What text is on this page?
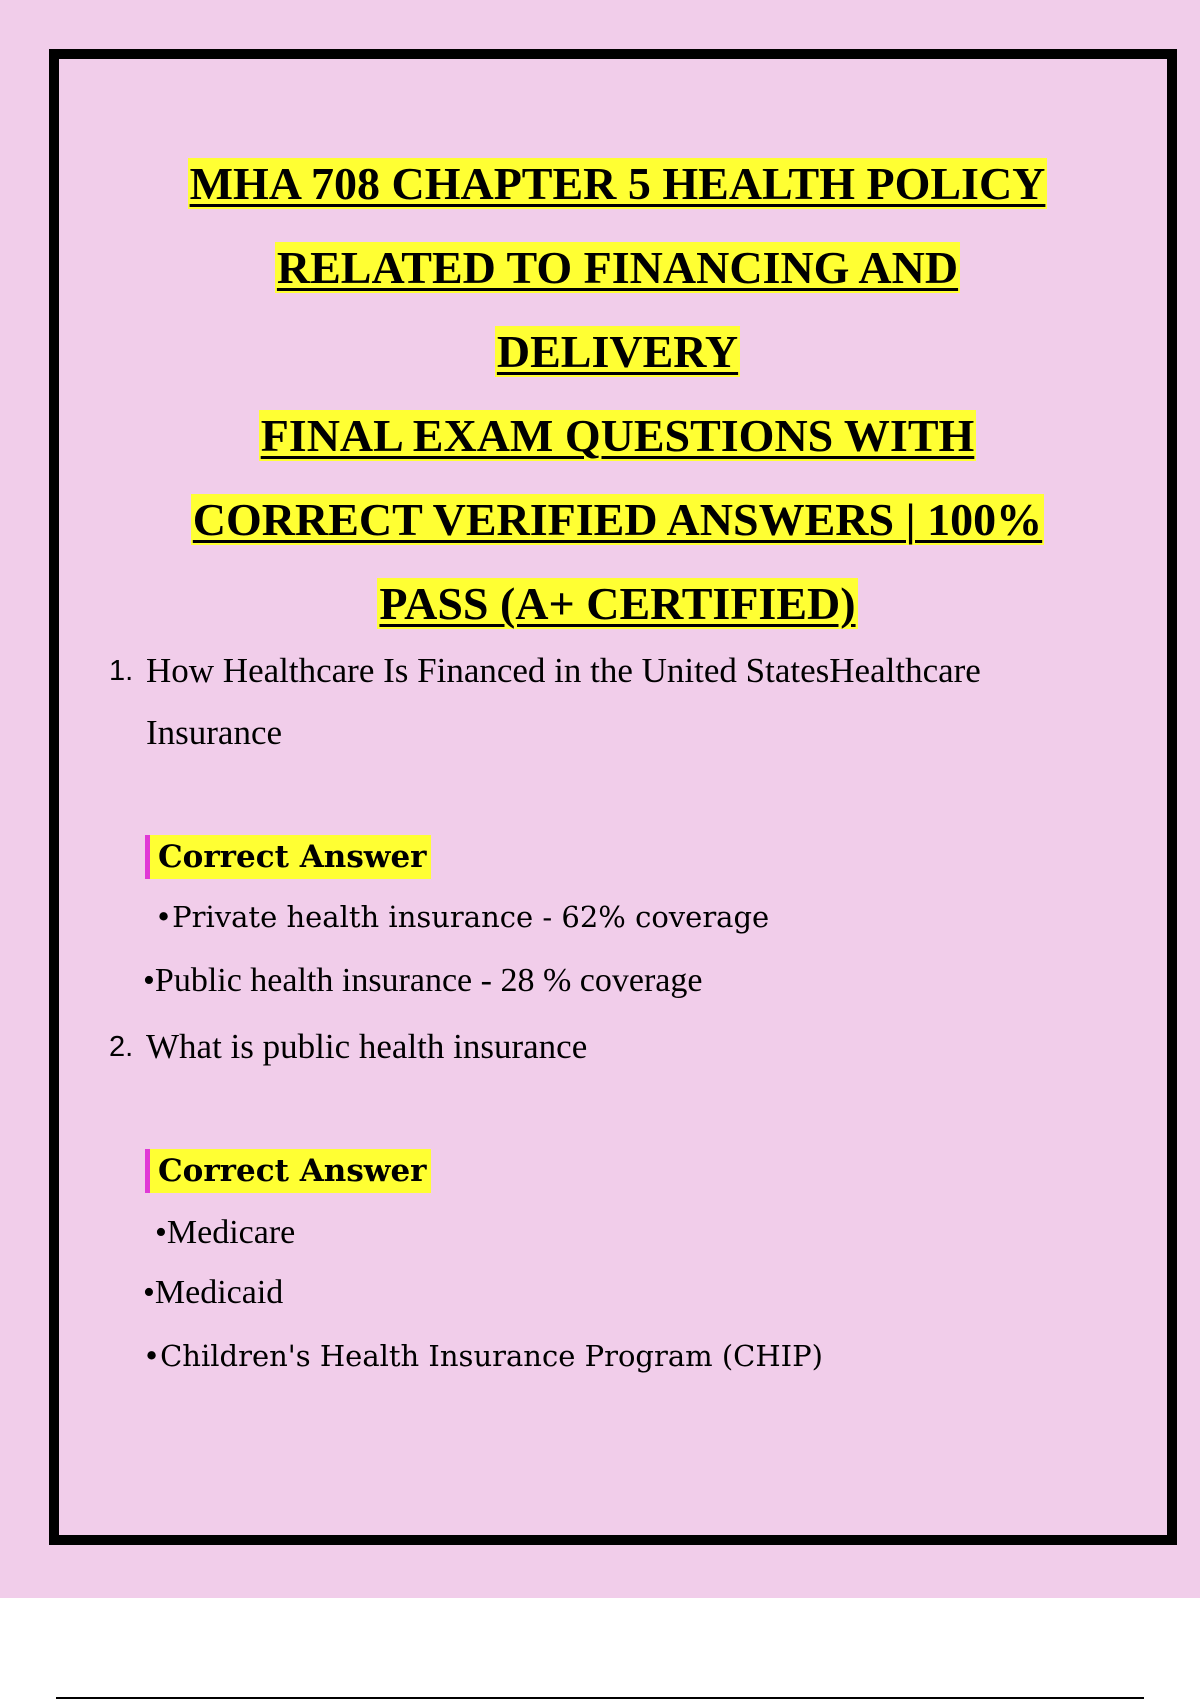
MHA 708 CHAPTER 5 HEALTH POLICY
RELATED TO FINANCING AND
DELIVERY
FINAL EXAM QUESTIONS WITH
CORRECT VERIFIED ANSWERS | 100%
PASS (A+ CERTIFIED)
1. How Healthcare Is Financed in the United StatesHealthcare Insurance
Correct Answer
•Private health insurance - 62% coverage
•Public health insurance - 28 % coverage
2. What is public health insurance
Correct Answer
•Medicare
•Medicaid
•Children's Health Insurance Program (CHIP)
